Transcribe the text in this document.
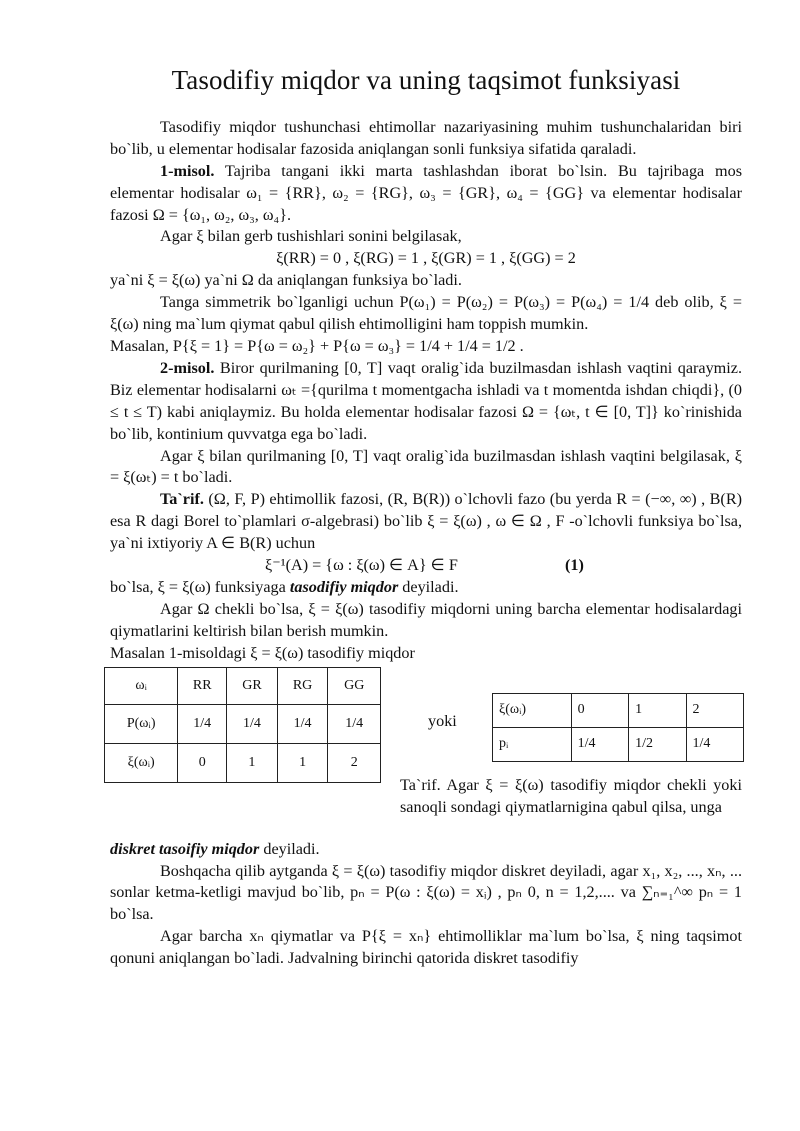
Tasodifiy miqdor va uning taqsimot funksiyasi

Tasodifiy miqdor tushunchasi ehtimollar nazariyasining muhim tushunchalaridan biri bo`lib, u elementar hodisalar fazosida aniqlangan sonli funksiya sifatida qaraladi.

1-misol. Tajriba tangani ikki marta tashlashdan iborat bo`lsin. Bu tajribaga mos elementar hodisalar ω₁ = {RR}, ω₂ = {RG}, ω₃ = {GR}, ω₄ = {GG} va elementar hodisalar fazosi Ω = {ω₁, ω₂, ω₃, ω₄}.

Agar ξ bilan gerb tushishlari sonini belgilasak,

ξ(RR) = 0 , ξ(RG) = 1 , ξ(GR) = 1 , ξ(GG) = 2

ya`ni ξ = ξ(ω) ya`ni Ω da aniqlangan funksiya bo`ladi.

Tanga simmetrik bo`lganligi uchun P(ω₁) = P(ω₂) = P(ω₃) = P(ω₄) = 1/4 deb olib, ξ = ξ(ω) ning ma`lum qiymat qabul qilish ehtimolligini ham toppish mumkin.

Masalan, P{ξ = 1} = P{ω = ω₂} + P{ω = ω₃} = 1/4 + 1/4 = 1/2 .

2-misol. Biror qurilmaning [0, T] vaqt oralig`ida buzilmasdan ishlash vaqtini qaraymiz. Biz elementar hodisalarni ωₜ ={qurilma t momentgacha ishladi va t momentda ishdan chiqdi}, (0 ≤ t ≤ T) kabi aniqlaymiz. Bu holda elementar hodisalar fazosi Ω = {ωₜ, t ∈ [0, T]} ko`rinishida bo`lib, kontinium quvvatga ega bo`ladi.

Agar ξ bilan qurilmaning [0, T] vaqt oralig`ida buzilmasdan ishlash vaqtini belgilasak, ξ = ξ(ωₜ) = t bo`ladi.

Ta`rif. (Ω, F, P) ehtimollik fazosi, (R, B(R)) o`lchovli fazo (bu yerda R = (−∞, ∞) , B(R) esa R dagi Borel to`plamlari σ-algebrasi) bo`lib ξ = ξ(ω) , ω ∈ Ω , F -o`lchovli funksiya bo`lsa, ya`ni ixtiyoriy A ∈ B(R) uchun

ξ⁻¹(A) = {ω : ξ(ω) ∈ A} ∈ F	(1)

bo`lsa, ξ = ξ(ω) funksiyaga tasodifiy miqdor deyiladi.

Agar Ω chekli bo`lsa, ξ = ξ(ω) tasodifiy miqdorni uning barcha elementar hodisalardagi qiymatlarini keltirish bilan berish mumkin.

Masalan 1-misoldagi ξ = ξ(ω) tasodifiy miqdor

ωᵢ	RR	GR	RG	GG
P(ωᵢ)	1/4	1/4	1/4	1/4
ξ(ωᵢ)	0	1	1	2
yoki
ξ(ωᵢ)	0	1	2
pᵢ	1/4	1/2	1/4

Ta`rif. Agar ξ = ξ(ω) tasodifiy miqdor chekli yoki sanoqli sondagi qiymatlarnigina qabul qilsa, unga

diskret tasoifiy miqdor deyiladi.

Boshqacha qilib aytganda ξ = ξ(ω) tasodifiy miqdor diskret deyiladi, agar x₁, x₂, ..., xₙ, ... sonlar ketma-ketligi mavjud bo`lib, pₙ = P(ω : ξ(ω) = xᵢ) , pₙ 0, n = 1,2,.... va ∑ₙ₌₁^∞ pₙ = 1 bo`lsa.

Agar barcha xₙ qiymatlar va P{ξ = xₙ} ehtimolliklar ma`lum bo`lsa, ξ ning taqsimot qonuni aniqlangan bo`ladi. Jadvalning birinchi qatorida diskret tasodifiy
